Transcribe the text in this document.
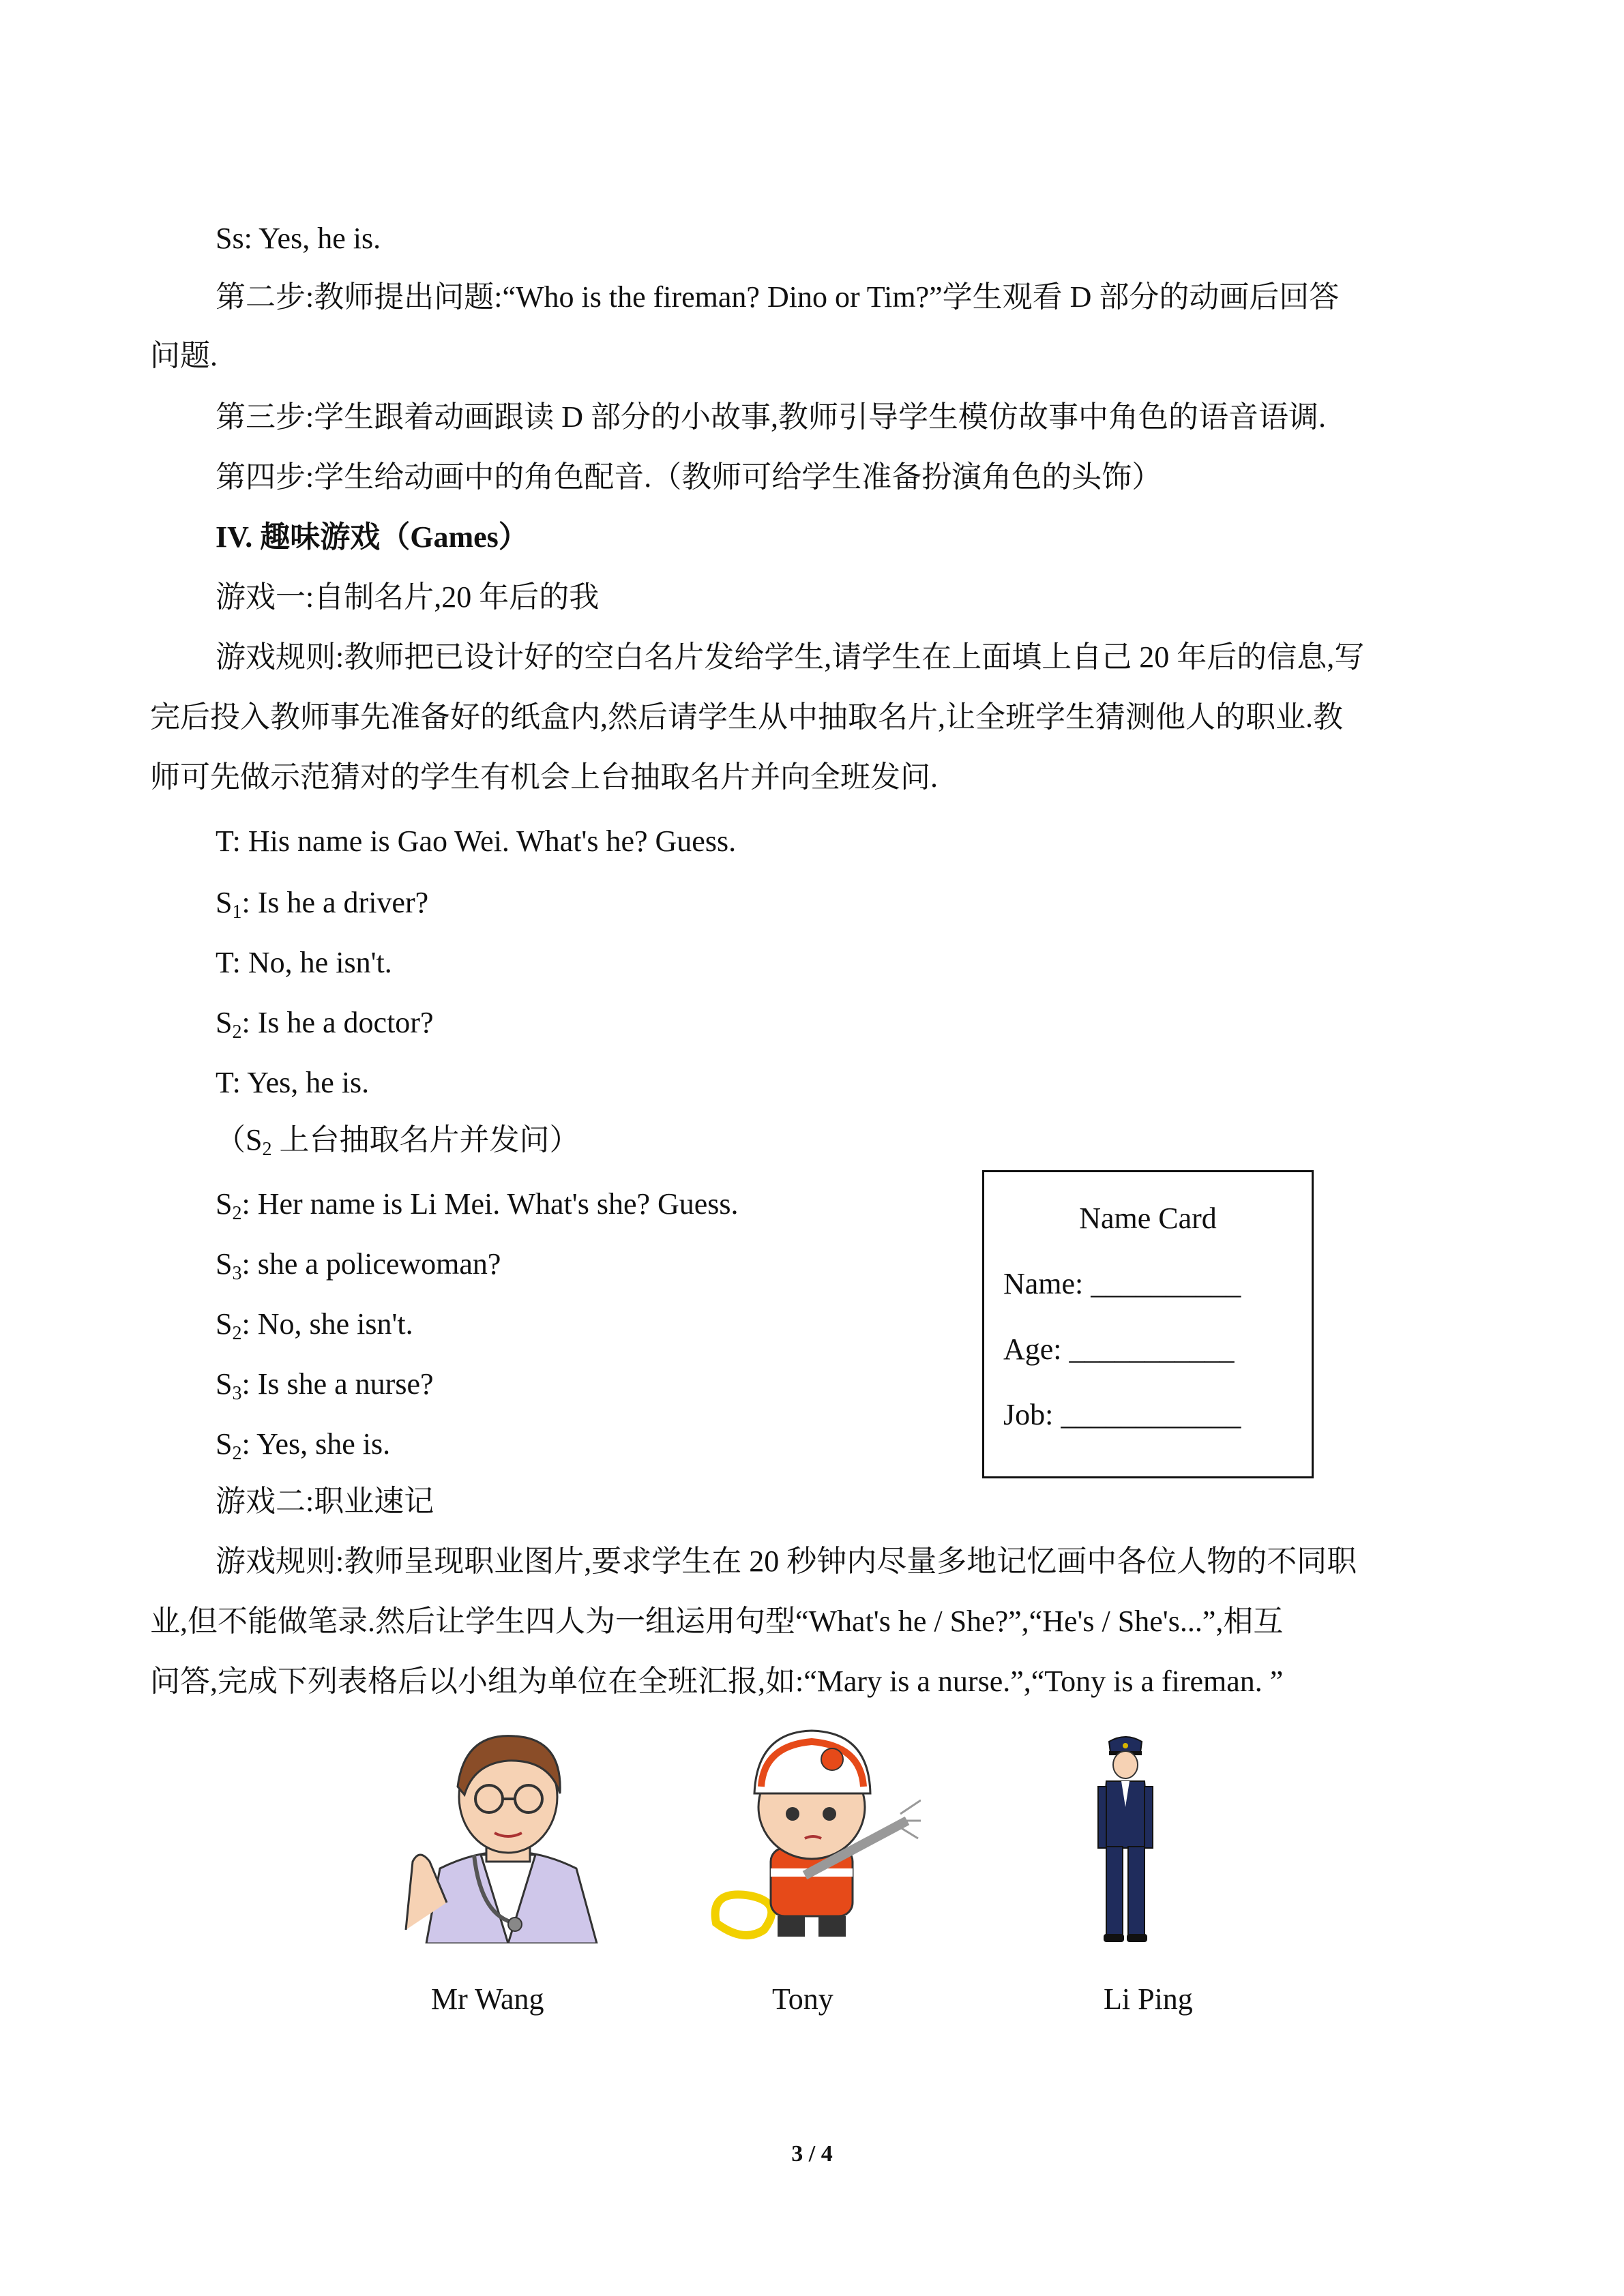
Ss: Yes, he is.
第二步:教师提出问题:“Who is the fireman? Dino or Tim?”学生观看 D 部分的动画后回答
问题.
第三步:学生跟着动画跟读 D 部分的小故事,教师引导学生模仿故事中角色的语音语调.
第四步:学生给动画中的角色配音.（教师可给学生准备扮演角色的头饰）
IV. 趣味游戏（Games）
游戏一:自制名片,20 年后的我
游戏规则:教师把已设计好的空白名片发给学生,请学生在上面填上自己 20 年后的信息,写
完后投入教师事先准备好的纸盒内,然后请学生从中抽取名片,让全班学生猜测他人的职业.教
师可先做示范猜对的学生有机会上台抽取名片并向全班发问.
T: His name is Gao Wei. What's he? Guess.
$S_1$: Is he a driver?
T: No, he isn't.
$S_2$: Is he a doctor?
T: Yes, he is.
（$S_2$ 上台抽取名片并发问）
$S_2$: Her name is Li Mei. What's she? Guess.
$S_3$: she a policewoman?
$S_2$: No, she isn't.
$S_3$: Is she a nurse?
$S_2$: Yes, she is.
Name Card
Name: __________
Age: ___________
Job: ____________
游戏二:职业速记
游戏规则:教师呈现职业图片,要求学生在 20 秒钟内尽量多地记忆画中各位人物的不同职
业,但不能做笔录.然后让学生四人为一组运用句型“What's he / She?”,“He's / She's...”,相互
问答,完成下列表格后以小组为单位在全班汇报,如:“Mary is a nurse.”,“Tony is a fireman. ”
Mr Wang	Tony	Li Ping
3 / 4
